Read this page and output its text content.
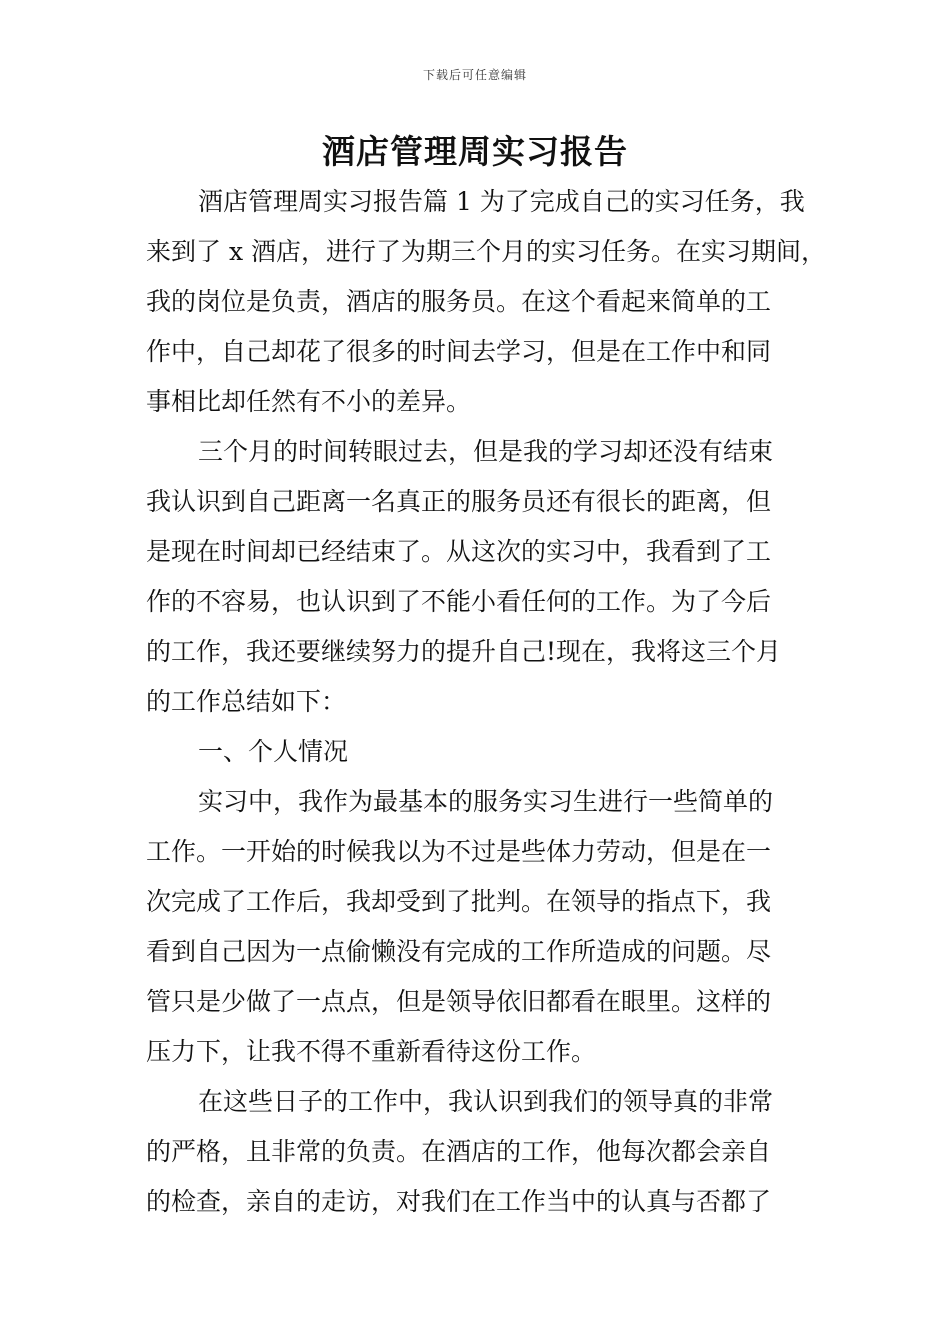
下载后可任意编辑
酒店管理周实习报告
酒店管理周实习报告篇 1 为了完成自己的实习任务，我
来到了 x 酒店，进行了为期三个月的实习任务。在实习期间，
我的岗位是负责，酒店的服务员。在这个看起来简单的工
作中，自己却花了很多的时间去学习，但是在工作中和同
事相比却任然有不小的差异。
三个月的时间转眼过去，但是我的学习却还没有结束
我认识到自己距离一名真正的服务员还有很长的距离，但
是现在时间却已经结束了。从这次的实习中，我看到了工
作的不容易，也认识到了不能小看任何的工作。为了今后
的工作，我还要继续努力的提升自己!现在，我将这三个月
的工作总结如下：
一、个人情况
实习中，我作为最基本的服务实习生进行一些简单的
工作。一开始的时候我以为不过是些体力劳动，但是在一
次完成了工作后，我却受到了批判。在领导的指点下，我
看到自己因为一点偷懒没有完成的工作所造成的问题。尽
管只是少做了一点点，但是领导依旧都看在眼里。这样的
压力下，让我不得不重新看待这份工作。
在这些日子的工作中，我认识到我们的领导真的非常
的严格，且非常的负责。在酒店的工作，他每次都会亲自
的检查，亲自的走访，对我们在工作当中的认真与否都了
